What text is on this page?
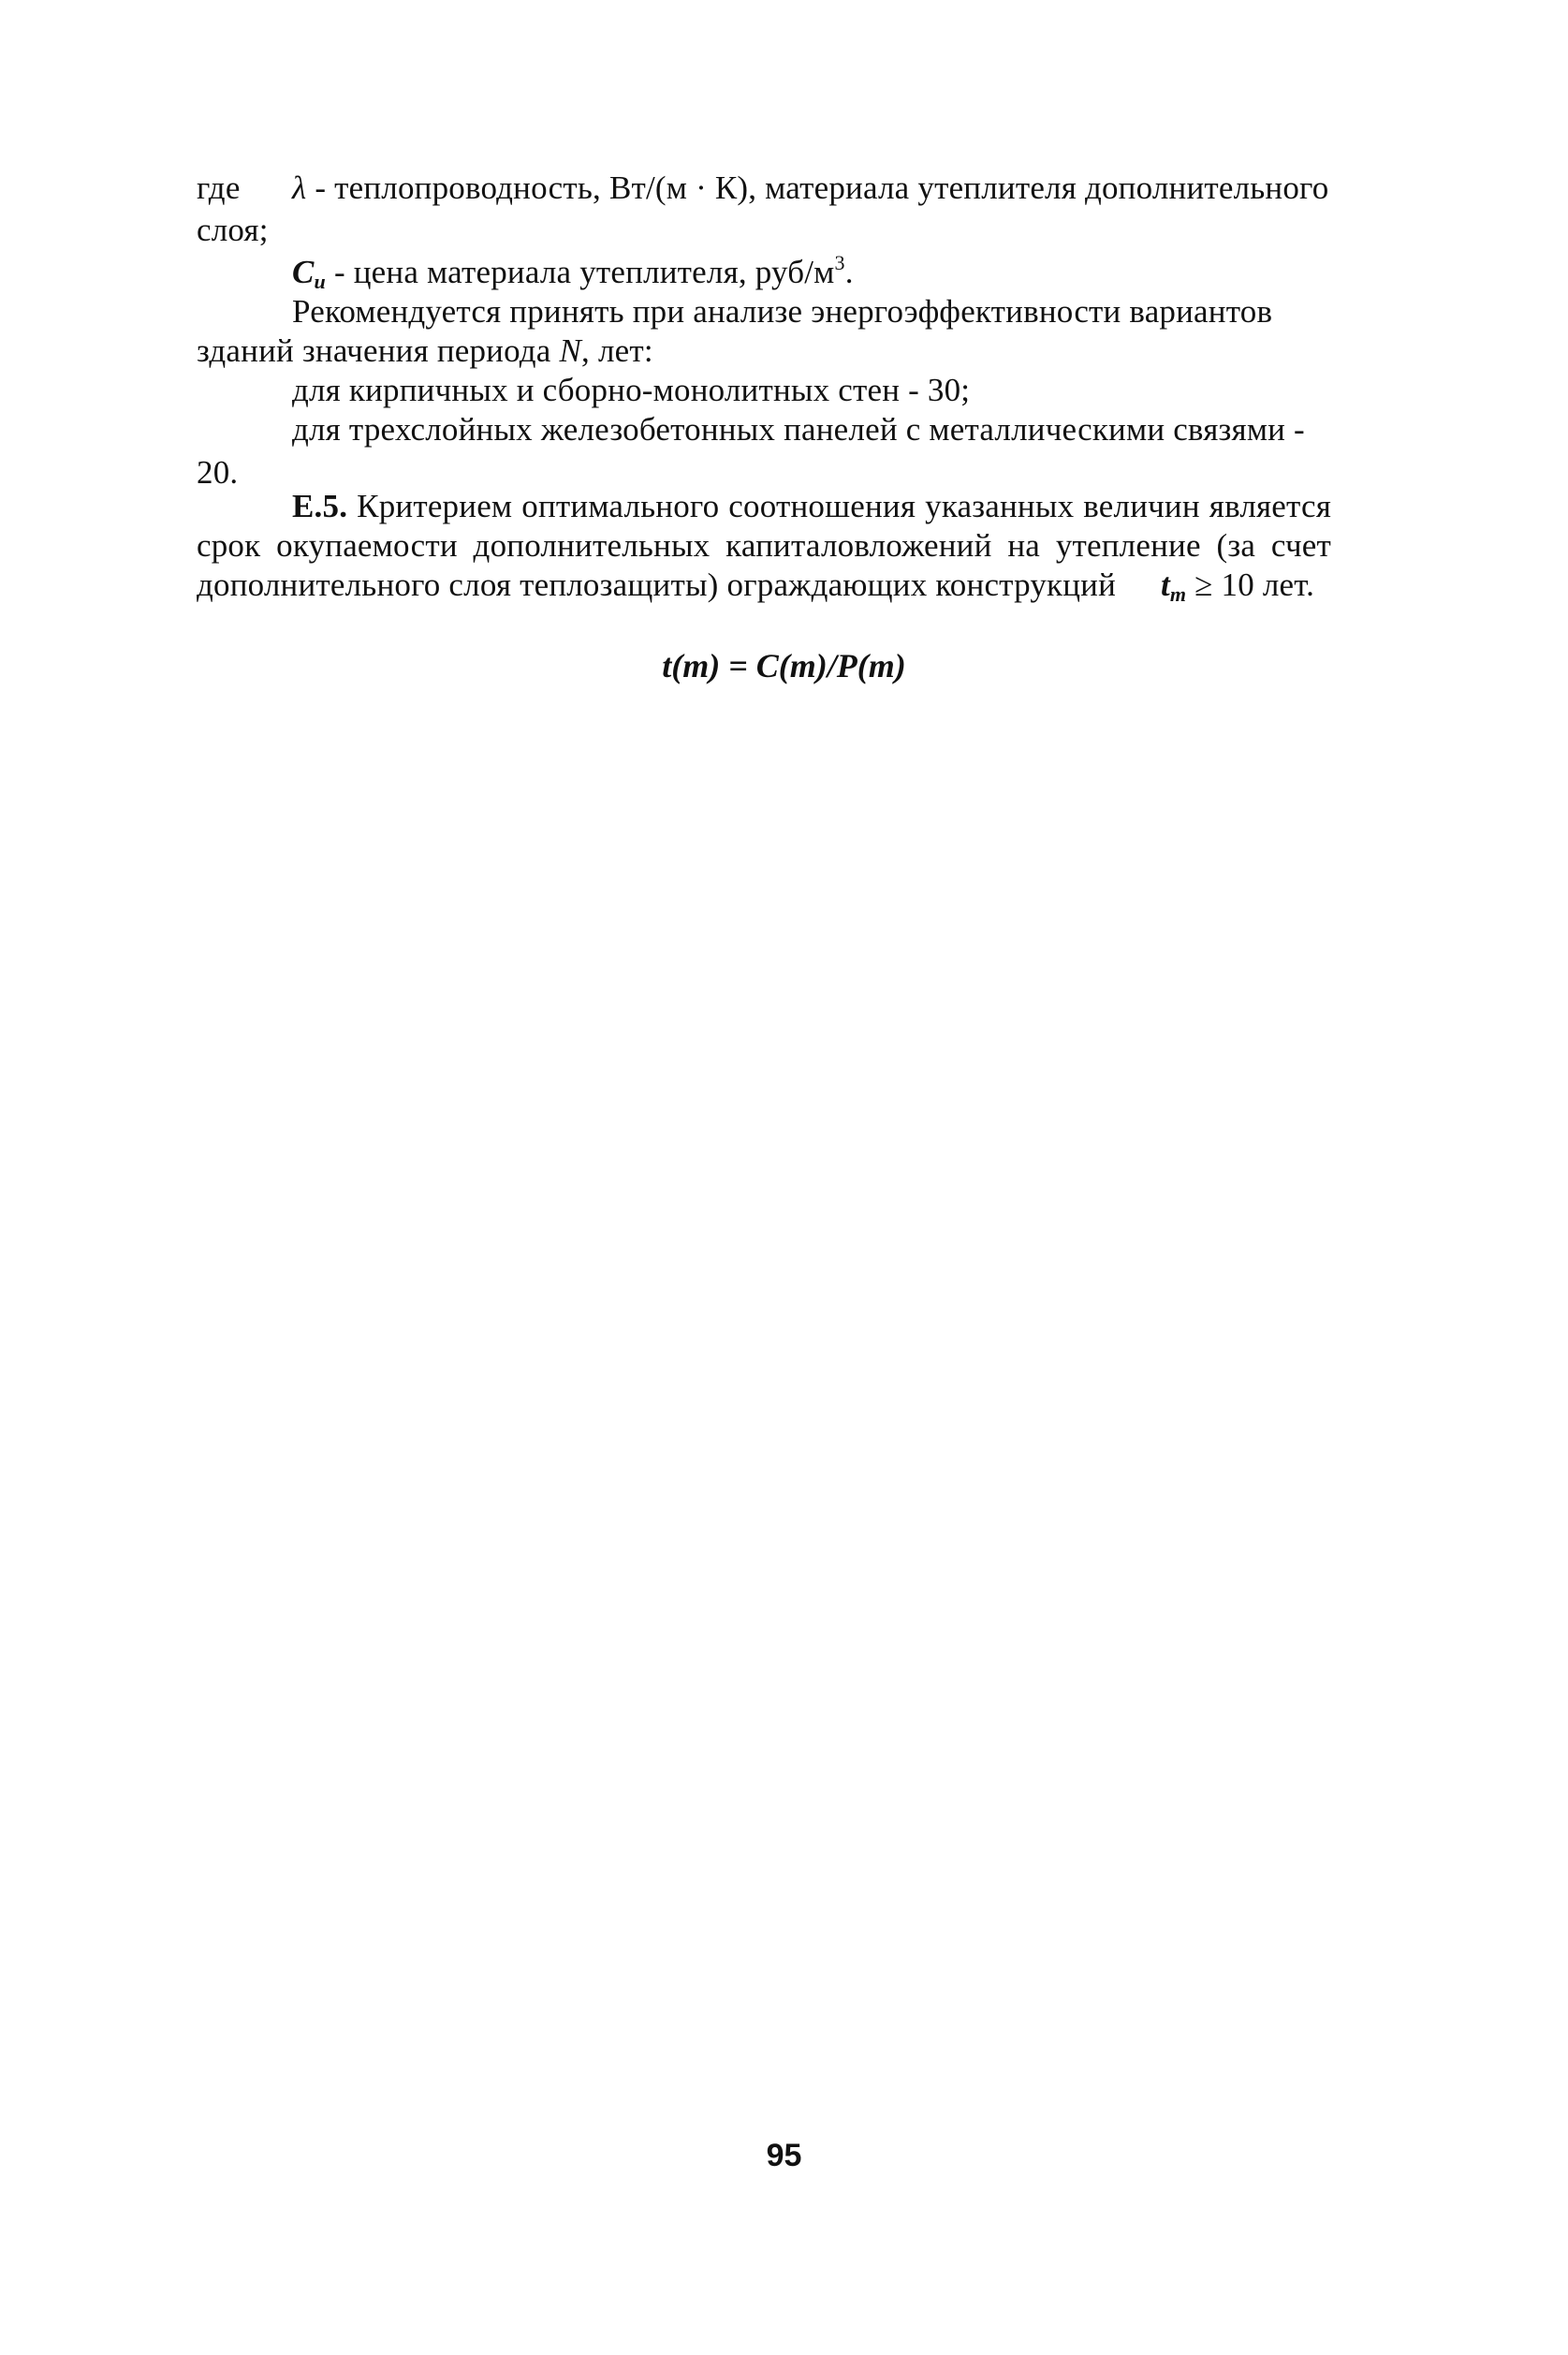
где λ - теплопроводность, Вт/(м · К), материала утеплителя дополнительного
слоя;
$C_u$ - цена материала утеплителя, руб/$м^3$.
Рекомендуется принять при анализе энергоэффективности вариантов
зданий значения периода N, лет:
для кирпичных и сборно-монолитных стен - 30;
для трехслойных железобетонных панелей с металлическими связями -
20.
Е.5. Критерием оптимального соотношения указанных величин является
срок окупаемости дополнительных капиталовложений на утепление (за счет
дополнительного слоя теплозащиты) ограждающих конструкций $t_m \ge 10$ лет.
t(m) = C(m)/P(m)
95
